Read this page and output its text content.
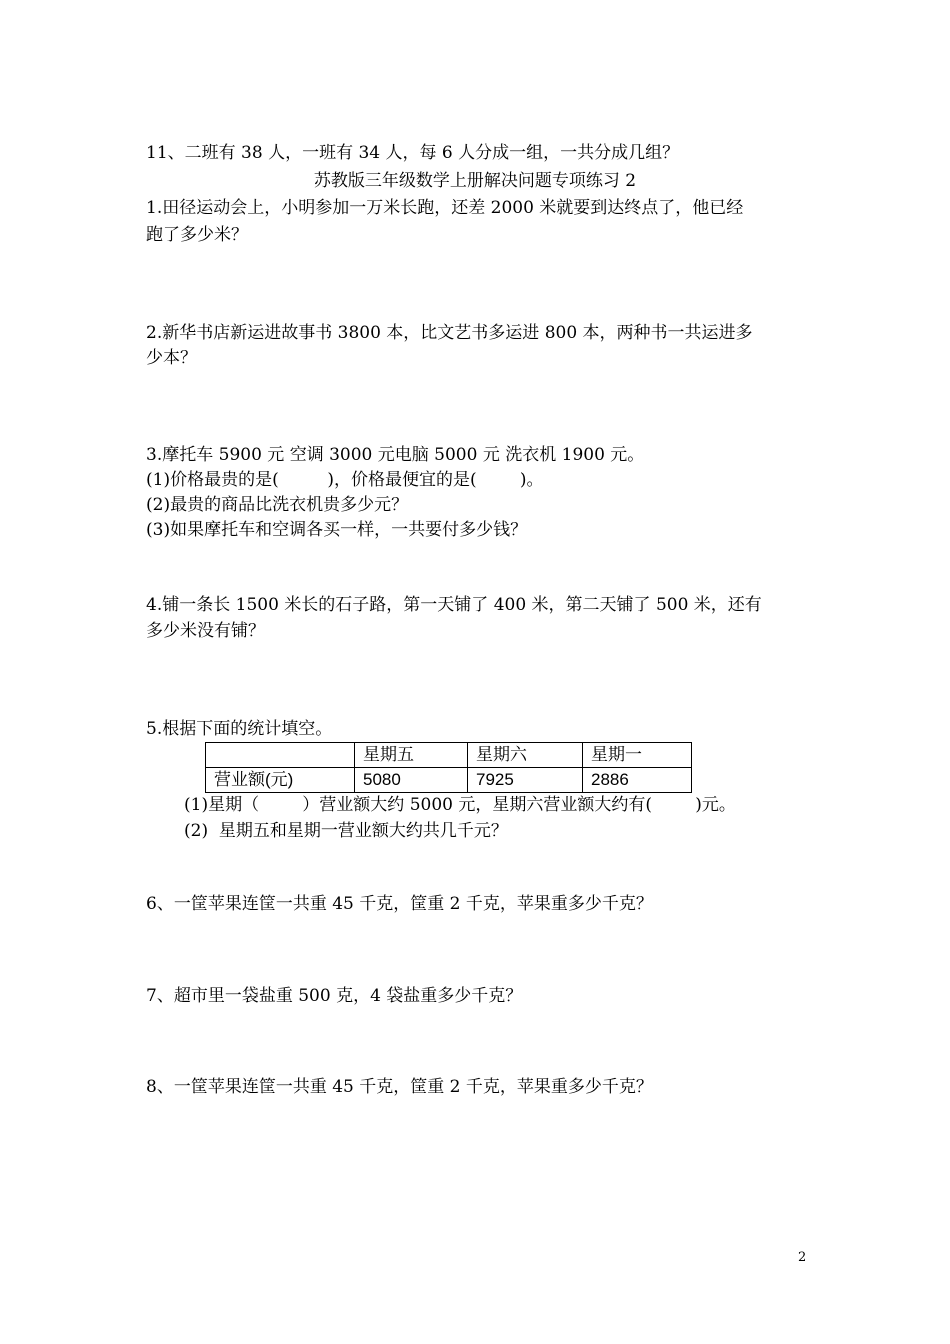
11、二班有 38 人，一班有 34 人，每 6 人分成一组，一共分成几组？
苏教版三年级数学上册解决问题专项练习 2
1.田径运动会上，小明参加一万米长跑，还差 2000 米就要到达终点了，他已经
跑了多少米？
2.新华书店新运进故事书 3800 本，比文艺书多运进 800 本，两种书一共运进多
少本？
3.摩托车 5900 元 空调 3000 元电脑 5000 元 洗衣机 1900 元。
(1)价格最贵的是(         )，价格最便宜的是(        )。
(2)最贵的商品比洗衣机贵多少元？
(3)如果摩托车和空调各买一样，一共要付多少钱？
4.铺一条长 1500 米长的石子路，第一天铺了 400 米，第二天铺了 500 米，还有
多少米没有铺？
5.根据下面的统计填空。
	星期五	星期六	星期一
营业额(元)	5080	7925	2886
(1)星期（        ）营业额大约 5000 元，星期六营业额大约有(        )元。
(2)  星期五和星期一营业额大约共几千元？
6、一筐苹果连筐一共重 45 千克，筐重 2 千克，苹果重多少千克？
7、超市里一袋盐重 500 克，4 袋盐重多少千克？
8、一筐苹果连筐一共重 45 千克，筐重 2 千克，苹果重多少千克？
2
